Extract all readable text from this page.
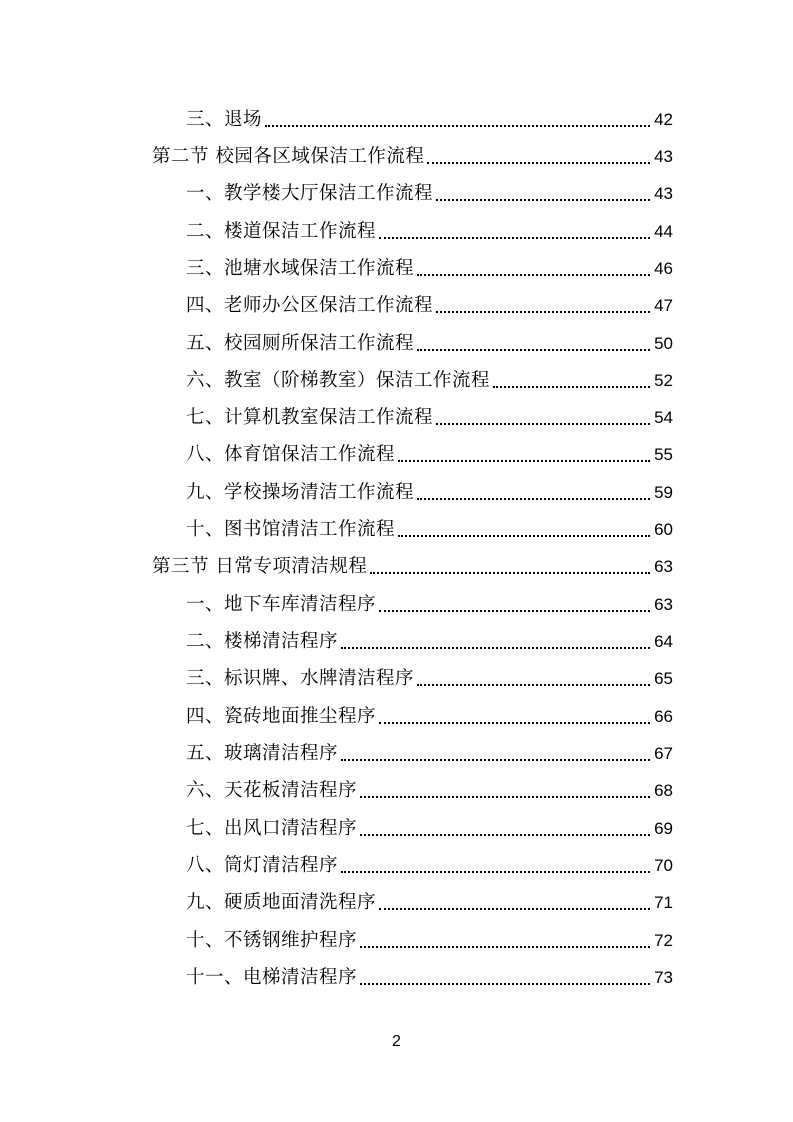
三、退场	42
第二节 校园各区域保洁工作流程	43
一、教学楼大厅保洁工作流程	43
二、楼道保洁工作流程	44
三、池塘水域保洁工作流程	46
四、老师办公区保洁工作流程	47
五、校园厕所保洁工作流程	50
六、教室（阶梯教室）保洁工作流程	52
七、计算机教室保洁工作流程	54
八、体育馆保洁工作流程	55
九、学校操场清洁工作流程	59
十、图书馆清洁工作流程	60
第三节 日常专项清洁规程	63
一、地下车库清洁程序	63
二、楼梯清洁程序	64
三、标识牌、水牌清洁程序	65
四、瓷砖地面推尘程序	66
五、玻璃清洁程序	67
六、天花板清洁程序	68
七、出风口清洁程序	69
八、筒灯清洁程序	70
九、硬质地面清洗程序	71
十、不锈钢维护程序	72
十一、电梯清洁程序	73
2
